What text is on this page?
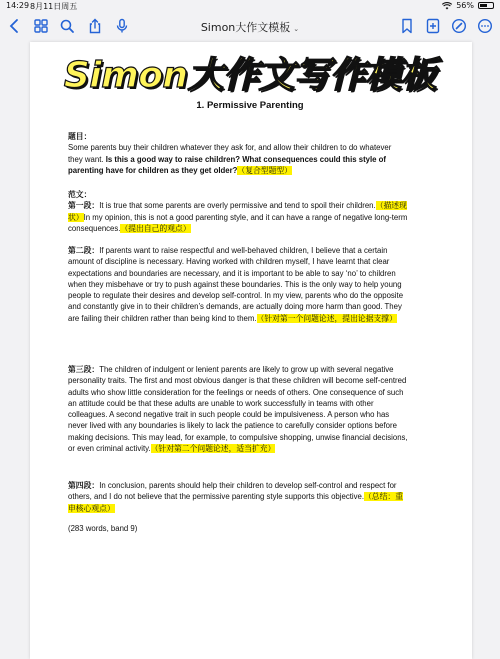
14:29 8月11日周五	56%
Simon大作文模板 ⌄
Simon大作文写作模板
1. Permissive Parenting
题目：
Some parents buy their children whatever they ask for, and allow their children to do whatever they want. Is this a good way to raise children? What consequences could this style of parenting have for children as they get older?（复合型题型）
范文：
第一段：It is true that some parents are overly permissive and tend to spoil their children.（描述现状）In my opinion, this is not a good parenting style, and it can have a range of negative long-term consequences.（提出自己的观点）
第二段：If parents want to raise respectful and well-behaved children, I believe that a certain amount of discipline is necessary. Having worked with children myself, I have learnt that clear expectations and boundaries are necessary, and it is important to be able to say ‘no’ to children when they misbehave or try to push against these boundaries. This is the only way to help young people to regulate their desires and develop self-control. In my view, parents who do the opposite and constantly give in to their children’s demands, are actually doing more harm than good. They are failing their children rather than being kind to them.（针对第一个问题论述，提出论据支撑）
第三段：The children of indulgent or lenient parents are likely to grow up with several negative personality traits. The first and most obvious danger is that these children will become self-centred adults who show little consideration for the feelings or needs of others. One consequence of such an attitude could be that these adults are unable to work successfully in teams with other colleagues. A second negative trait in such people could be impulsiveness. A person who has never lived with any boundaries is likely to lack the patience to carefully consider options before making decisions. This may lead, for example, to compulsive shopping, unwise financial decisions, or even criminal activity.（针对第二个问题论述，适当扩充）
第四段：In conclusion, parents should help their children to develop self-control and respect for others, and I do not believe that the permissive parenting style supports this objective.（总结：重申核心观点）
(283 words, band 9)
